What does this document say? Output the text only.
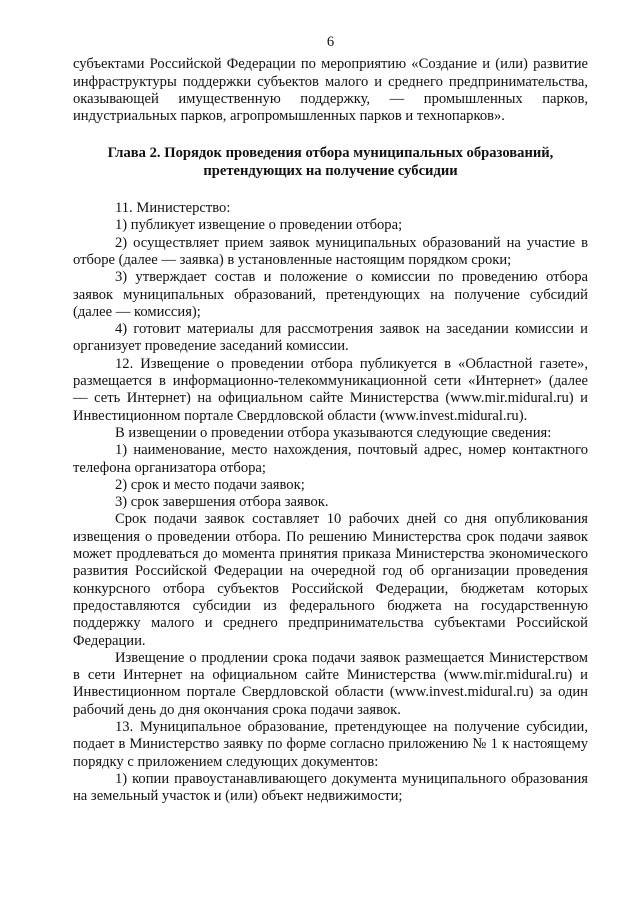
6

субъектами Российской Федерации по мероприятию «Создание и (или) развитие инфраструктуры поддержки субъектов малого и среднего предпринимательства, оказывающей имущественную поддержку, — промышленных парков, индустриальных парков, агропромышленных парков и технопарков».

Глава 2. Порядок проведения отбора муниципальных образований,
претендующих на получение субсидии

11. Министерство:

1) публикует извещение о проведении отбора;

2) осуществляет прием заявок муниципальных образований на участие в отборе (далее — заявка) в установленные настоящим порядком сроки;

3) утверждает состав и положение о комиссии по проведению отбора заявок муниципальных образований, претендующих на получение субсидий (далее — комиссия);

4) готовит материалы для рассмотрения заявок на заседании комиссии и организует проведение заседаний комиссии.

12. Извещение о проведении отбора публикуется в «Областной газете», размещается в информационно-телекоммуникационной сети «Интернет» (далее — сеть Интернет) на официальном сайте Министерства (www.mir.midural.ru) и Инвестиционном портале Свердловской области (www.invest.midural.ru).

В извещении о проведении отбора указываются следующие сведения:

1) наименование, место нахождения, почтовый адрес, номер контактного телефона организатора отбора;

2) срок и место подачи заявок;

3) срок завершения отбора заявок.

Срок подачи заявок составляет 10 рабочих дней со дня опубликования извещения о проведении отбора. По решению Министерства срок подачи заявок может продлеваться до момента принятия приказа Министерства экономического развития Российской Федерации на очередной год об организации проведения конкурсного отбора субъектов Российской Федерации, бюджетам которых предоставляются субсидии из федерального бюджета на государственную поддержку малого и среднего предпринимательства субъектами Российской Федерации.

Извещение о продлении срока подачи заявок размещается Министерством в сети Интернет на официальном сайте Министерства (www.mir.midural.ru) и Инвестиционном портале Свердловской области (www.invest.midural.ru) за один рабочий день до дня окончания срока подачи заявок.

13. Муниципальное образование, претендующее на получение субсидии, подает в Министерство заявку по форме согласно приложению № 1 к настоящему порядку с приложением следующих документов:

1) копии правоустанавливающего документа муниципального образования на земельный участок и (или) объект недвижимости;
